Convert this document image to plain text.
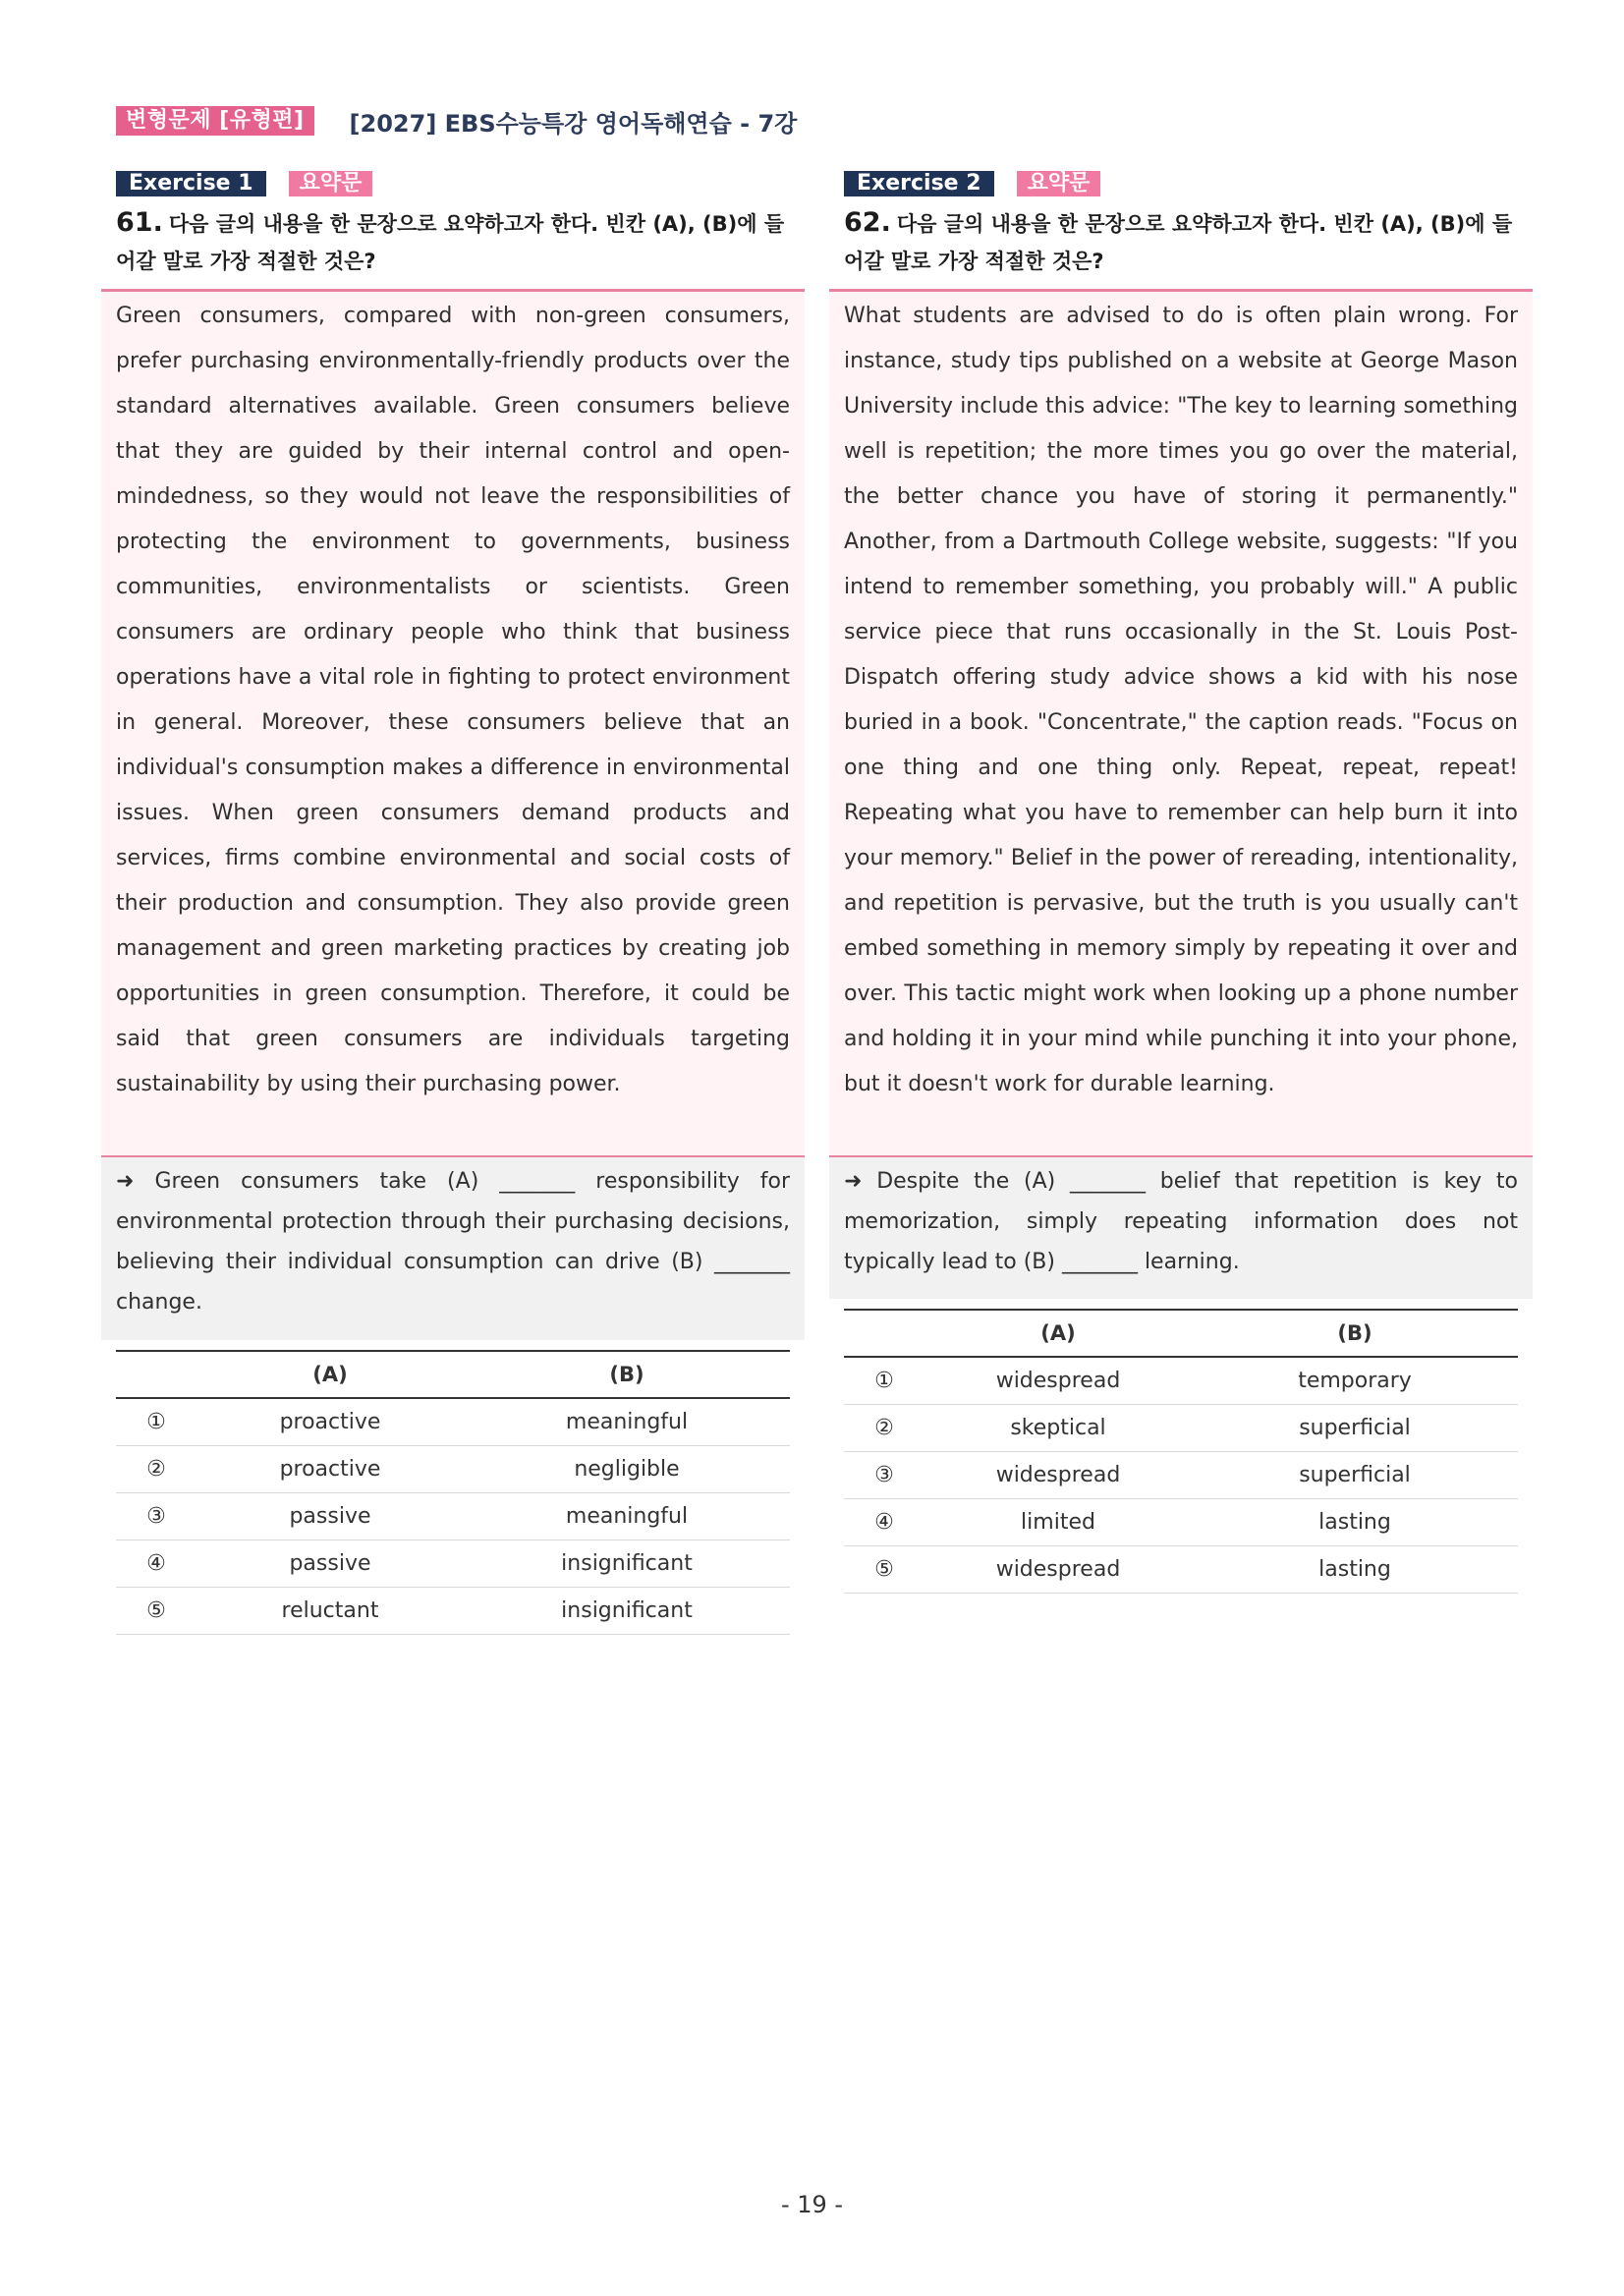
변형문제 [유형편]	[2027] EBS수능특강 영어독해연습 - 7강
Exercise 1	요약문
61. 다음 글의 내용을 한 문장으로 요약하고자 한다. 빈칸 (A), (B)에 들어갈 말로 가장 적절한 것은?
Green consumers, compared with non-green consumers, prefer purchasing environmentally-friendly products over the standard alternatives available. Green consumers believe that they are guided by their internal control and open-mindedness, so they would not leave the responsibilities of protecting the environment to governments, business communities, environmentalists or scientists. Green consumers are ordinary people who think that business operations have a vital role in fighting to protect environment in general. Moreover, these consumers believe that an individual's consumption makes a difference in environmental issues. When green consumers demand products and services, firms combine environmental and social costs of their production and consumption. They also provide green management and green marketing practices by creating job opportunities in green consumption. Therefore, it could be said that green consumers are individuals targeting sustainability by using their purchasing power.
➜ Green consumers take (A) _______ responsibility for environmental protection through their purchasing decisions, believing their individual consumption can drive (B) _______ change.
	(A)	(B)
①	proactive	meaningful
②	proactive	negligible
③	passive	meaningful
④	passive	insignificant
⑤	reluctant	insignificant
Exercise 2	요약문
62. 다음 글의 내용을 한 문장으로 요약하고자 한다. 빈칸 (A), (B)에 들어갈 말로 가장 적절한 것은?
What students are advised to do is often plain wrong. For instance, study tips published on a website at George Mason University include this advice: "The key to learning something well is repetition; the more times you go over the material, the better chance you have of storing it permanently." Another, from a Dartmouth College website, suggests: "If you intend to remember something, you probably will." A public service piece that runs occasionally in the St. Louis Post-Dispatch offering study advice shows a kid with his nose buried in a book. "Concentrate," the caption reads. "Focus on one thing and one thing only. Repeat, repeat, repeat! Repeating what you have to remember can help burn it into your memory." Belief in the power of rereading, intentionality, and repetition is pervasive, but the truth is you usually can't embed something in memory simply by repeating it over and over. This tactic might work when looking up a phone number and holding it in your mind while punching it into your phone, but it doesn't work for durable learning.
➜ Despite the (A) _______ belief that repetition is key to memorization, simply repeating information does not typically lead to (B) _______ learning.
	(A)	(B)
①	widespread	temporary
②	skeptical	superficial
③	widespread	superficial
④	limited	lasting
⑤	widespread	lasting
- 19 -
